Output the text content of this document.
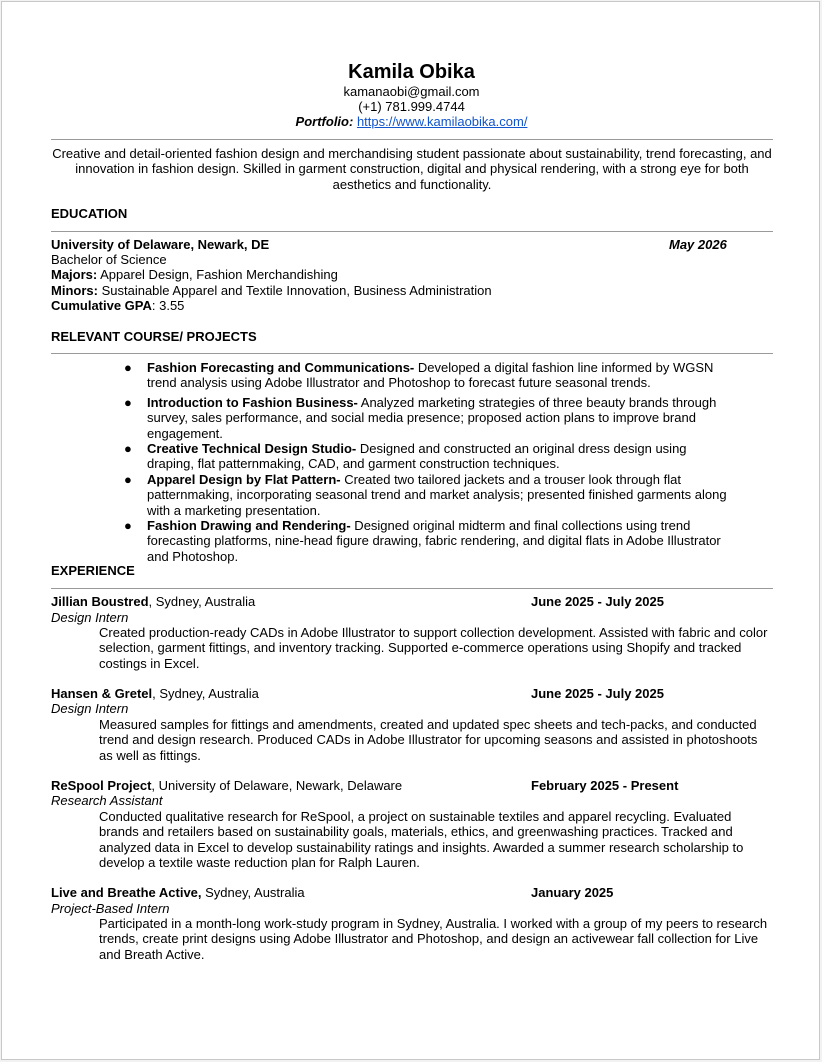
Kamila Obika
kamanaobi@gmail.com
(+1) 781.999.4744
Portfolio: https://www.kamilaobika.com/
Creative and detail-oriented fashion design and merchandising student passionate about sustainability, trend forecasting, and innovation in fashion design. Skilled in garment construction, digital and physical rendering, with a strong eye for both aesthetics and functionality.
EDUCATION
University of Delaware, Newark, DE	May 2026
Bachelor of Science
Majors: Apparel Design, Fashion Merchandishing
Minors: Sustainable Apparel and Textile Innovation, Business Administration
Cumulative GPA: 3.55
RELEVANT COURSE/ PROJECTS
● Fashion Forecasting and Communications- Developed a digital fashion line informed by WGSN trend analysis using Adobe Illustrator and Photoshop to forecast future seasonal trends.
● Introduction to Fashion Business- Analyzed marketing strategies of three beauty brands through survey, sales performance, and social media presence; proposed action plans to improve brand engagement.
● Creative Technical Design Studio- Designed and constructed an original dress design using draping, flat patternmaking, CAD, and garment construction techniques.
● Apparel Design by Flat Pattern- Created two tailored jackets and a trouser look through flat patternmaking, incorporating seasonal trend and market analysis; presented finished garments along with a marketing presentation.
● Fashion Drawing and Rendering- Designed original midterm and final collections using trend forecasting platforms, nine-head figure drawing, fabric rendering, and digital flats in Adobe Illustrator and Photoshop.
EXPERIENCE
Jillian Boustred, Sydney, Australia	June 2025 - July 2025
Design Intern
Created production-ready CADs in Adobe Illustrator to support collection development. Assisted with fabric and color selection, garment fittings, and inventory tracking. Supported e-commerce operations using Shopify and tracked costings in Excel.
Hansen & Gretel, Sydney, Australia	June 2025 - July 2025
Design Intern
Measured samples for fittings and amendments, created and updated spec sheets and tech-packs, and conducted trend and design research. Produced CADs in Adobe Illustrator for upcoming seasons and assisted in photoshoots as well as fittings.
ReSpool Project, University of Delaware, Newark, Delaware	February 2025 - Present
Research Assistant
Conducted qualitative research for ReSpool, a project on sustainable textiles and apparel recycling. Evaluated brands and retailers based on sustainability goals, materials, ethics, and greenwashing practices. Tracked and analyzed data in Excel to develop sustainability ratings and insights. Awarded a summer research scholarship to develop a textile waste reduction plan for Ralph Lauren.
Live and Breathe Active, Sydney, Australia	January 2025
Project-Based Intern
Participated in a month-long work-study program in Sydney, Australia. I worked with a group of my peers to research trends, create print designs using Adobe Illustrator and Photoshop, and design an activewear fall collection for Live and Breath Active.
